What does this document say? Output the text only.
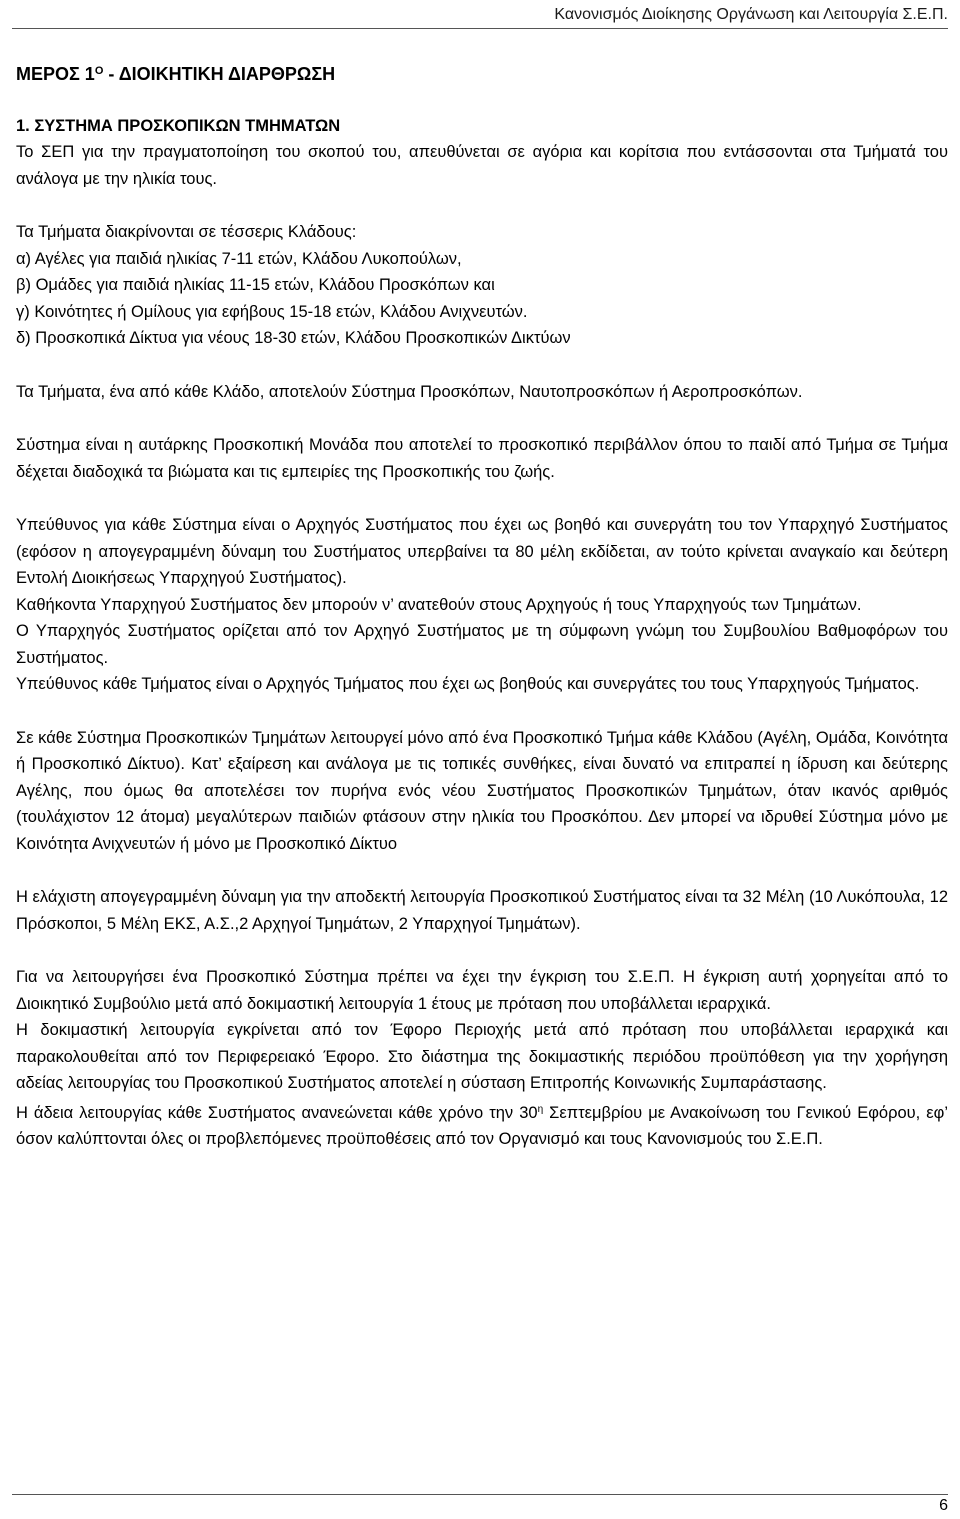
Κανονισμός Διοίκησης Οργάνωση και Λειτουργία Σ.Ε.Π.
ΜΕΡΟΣ $1^O$ - ΔΙΟΙΚΗΤΙΚΗ ΔΙΑΡΘΡΩΣΗ
1. ΣΥΣΤΗΜΑ ΠΡΟΣΚΟΠΙΚΩΝ ΤΜΗΜΑΤΩΝ

Το ΣΕΠ για την πραγματοποίηση του σκοπού του, απευθύνεται σε αγόρια και κορίτσια που εντάσσονται στα Τμήματά του ανάλογα με την ηλικία τους.

Τα Τμήματα διακρίνονται σε τέσσερις Κλάδους:

α) Αγέλες για παιδιά ηλικίας 7-11 ετών, Κλάδου Λυκοπούλων,

β) Ομάδες για παιδιά ηλικίας 11-15 ετών, Κλάδου Προσκόπων και

γ) Κοινότητες ή Ομίλους για εφήβους 15-18 ετών, Κλάδου Ανιχνευτών.

δ) Προσκοπικά Δίκτυα για νέους 18-30 ετών, Κλάδου Προσκοπικών Δικτύων

Τα Τμήματα, ένα από κάθε Κλάδο, αποτελούν Σύστημα Προσκόπων, Ναυτοπροσκόπων ή Αεροπροσκόπων.

Σύστημα είναι η αυτάρκης Προσκοπική Μονάδα που αποτελεί το προσκοπικό περιβάλλον όπου το παιδί από Τμήμα σε Τμήμα δέχεται διαδοχικά τα βιώματα και τις εμπειρίες της Προσκοπικής του ζωής.

Υπεύθυνος για κάθε Σύστημα είναι ο Αρχηγός Συστήματος που έχει ως βοηθό και συνεργάτη του τον Υπαρχηγό Συστήματος (εφόσον η απογεγραμμένη δύναμη του Συστήματος υπερβαίνει τα 80 μέλη εκδίδεται, αν τούτο κρίνεται αναγκαίο και δεύτερη Εντολή Διοικήσεως Υπαρχηγού Συστήματος).

Καθήκοντα Υπαρχηγού Συστήματος δεν μπορούν ν’ ανατεθούν στους Αρχηγούς ή τους Υπαρχηγούς των Τμημάτων.

Ο Υπαρχηγός Συστήματος ορίζεται από τον Αρχηγό Συστήματος με τη σύμφωνη γνώμη του Συμβουλίου Βαθμοφόρων του Συστήματος.

Υπεύθυνος κάθε Τμήματος είναι ο Αρχηγός Τμήματος που έχει ως βοηθούς και συνεργάτες του τους Υπαρχηγούς Τμήματος.

Σε κάθε Σύστημα Προσκοπικών Τμημάτων λειτουργεί μόνο από ένα Προσκοπικό Τμήμα κάθε Κλάδου (Αγέλη, Ομάδα, Κοινότητα ή Προσκοπικό Δίκτυο). Κατ’ εξαίρεση και ανάλογα με τις τοπικές συνθήκες, είναι δυνατό να επιτραπεί η ίδρυση και δεύτερης Αγέλης, που όμως θα αποτελέσει τον πυρήνα ενός νέου Συστήματος Προσκοπικών Τμημάτων, όταν ικανός αριθμός (τουλάχιστον 12 άτομα) μεγαλύτερων παιδιών φτάσουν στην ηλικία του Προσκόπου. Δεν μπορεί να ιδρυθεί Σύστημα μόνο με Κοινότητα Ανιχνευτών ή μόνο με Προσκοπικό Δίκτυο

Η ελάχιστη απογεγραμμένη δύναμη για την αποδεκτή λειτουργία Προσκοπικού Συστήματος είναι τα 32 Μέλη (10 Λυκόπουλα, 12 Πρόσκοποι, 5 Μέλη ΕΚΣ, Α.Σ.,2 Αρχηγοί Τμημάτων, 2 Υπαρχηγοί Τμημάτων).

Για να λειτουργήσει ένα Προσκοπικό Σύστημα πρέπει να έχει την έγκριση του Σ.Ε.Π. Η έγκριση αυτή χορηγείται από το Διοικητικό Συμβούλιο μετά από δοκιμαστική λειτουργία 1 έτους με πρόταση που υποβάλλεται ιεραρχικά.

Η δοκιμαστική λειτουργία εγκρίνεται από τον Έφορο Περιοχής μετά από πρόταση που υποβάλλεται ιεραρχικά και παρακολουθείται από τον Περιφερειακό Έφορο. Στο διάστημα της δοκιμαστικής περιόδου προϋπόθεση για την χορήγηση αδείας λειτουργίας του Προσκοπικού Συστήματος αποτελεί η σύσταση Επιτροπής Κοινωνικής Συμπαράστασης.

Η άδεια λειτουργίας κάθε Συστήματος ανανεώνεται κάθε χρόνο την $30^\eta$ Σεπτεμβρίου με Ανακοίνωση του Γενικού Εφόρου, εφ’ όσον καλύπτονται όλες οι προβλεπόμενες προϋποθέσεις από τον Οργανισμό και τους Κανονισμούς του Σ.Ε.Π.

6
